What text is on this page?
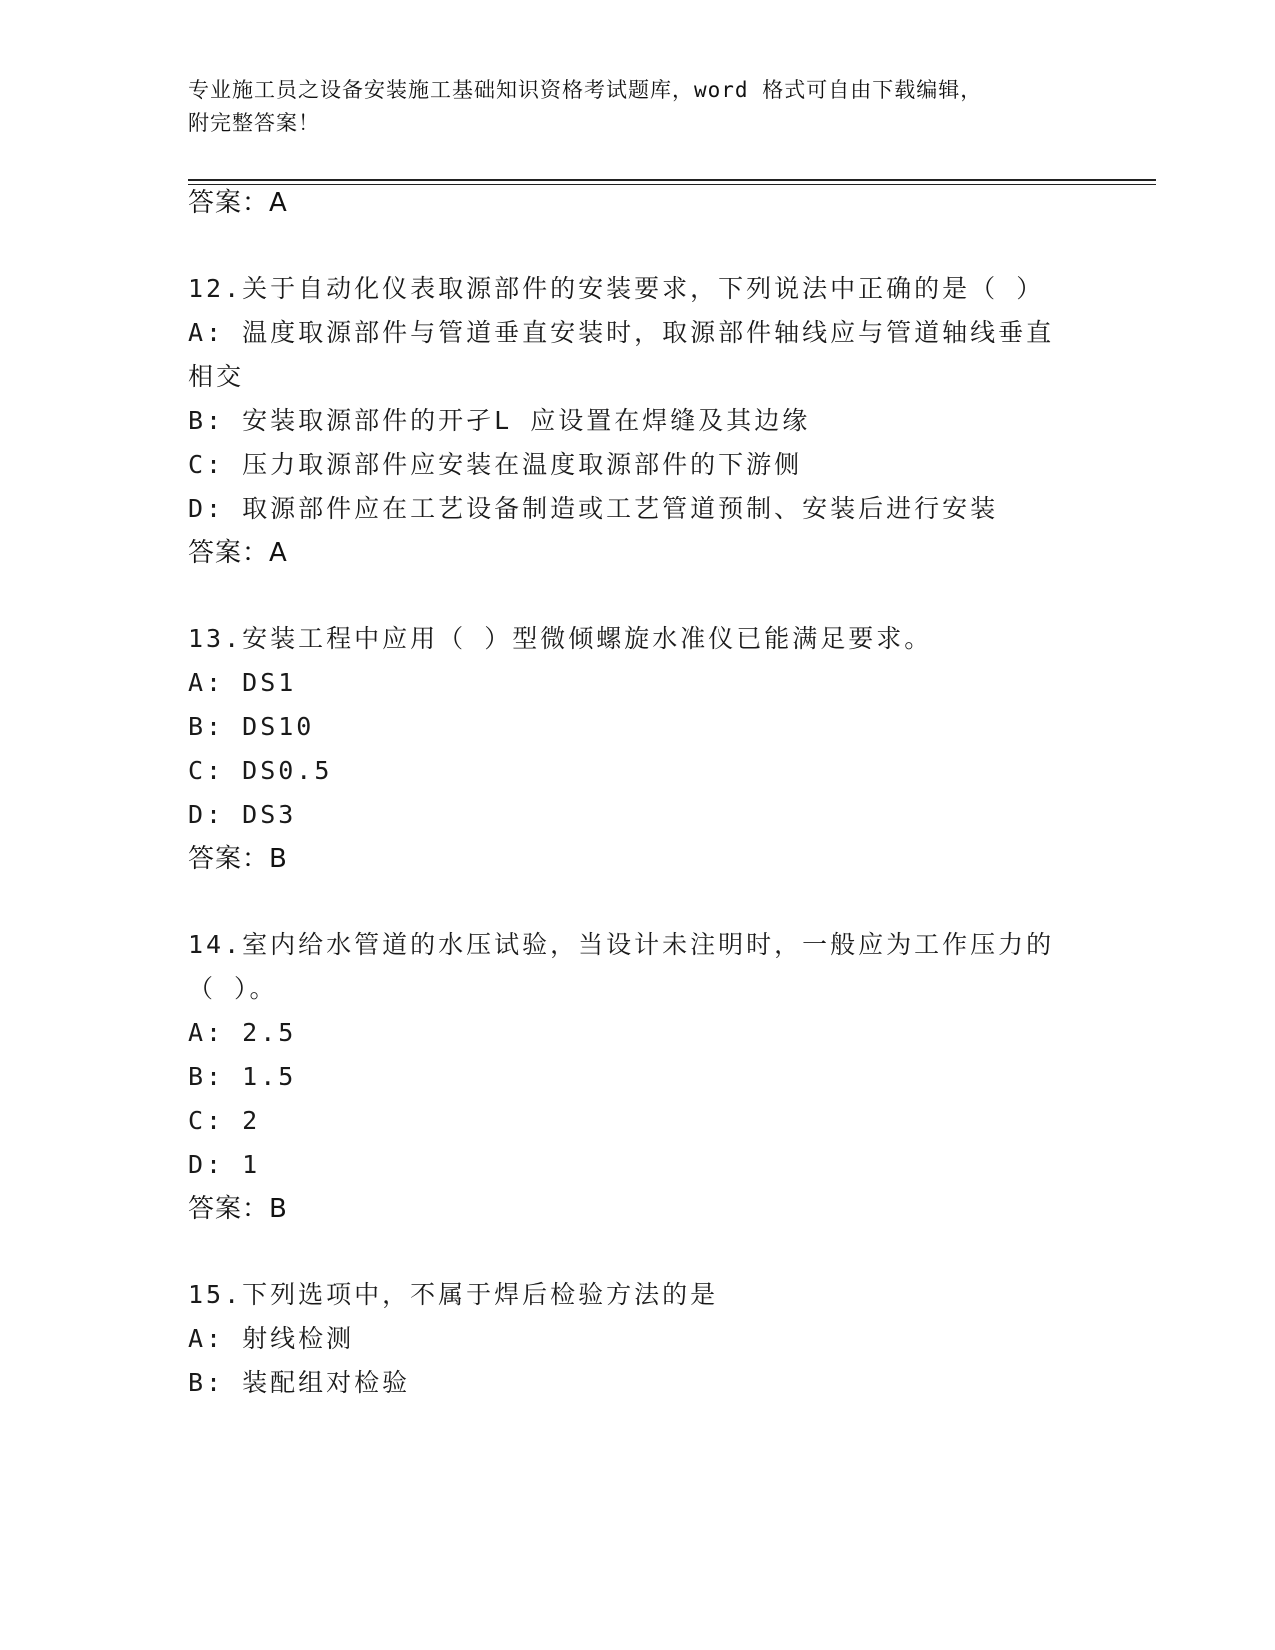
专业施工员之设备安装施工基础知识资格考试题库，word 格式可自由下载编辑，
附完整答案！
答案：A
12.关于自动化仪表取源部件的安装要求，下列说法中正确的是（ ）
A: 温度取源部件与管道垂直安装时，取源部件轴线应与管道轴线垂直
相交
B: 安装取源部件的开孑L 应设置在焊缝及其边缘
C: 压力取源部件应安装在温度取源部件的下游侧
D: 取源部件应在工艺设备制造或工艺管道预制、安装后进行安装
答案：A
13.安装工程中应用（ ）型微倾螺旋水准仪已能满足要求。
A: DS1
B: DS10
C: DS0.5
D: DS3
答案：B
14.室内给水管道的水压试验，当设计未注明时，一般应为工作压力的
（ ）。
A: 2.5
B: 1.5
C: 2
D: 1
答案：B
15.下列选项中，不属于焊后检验方法的是
A: 射线检测
B: 装配组对检验
